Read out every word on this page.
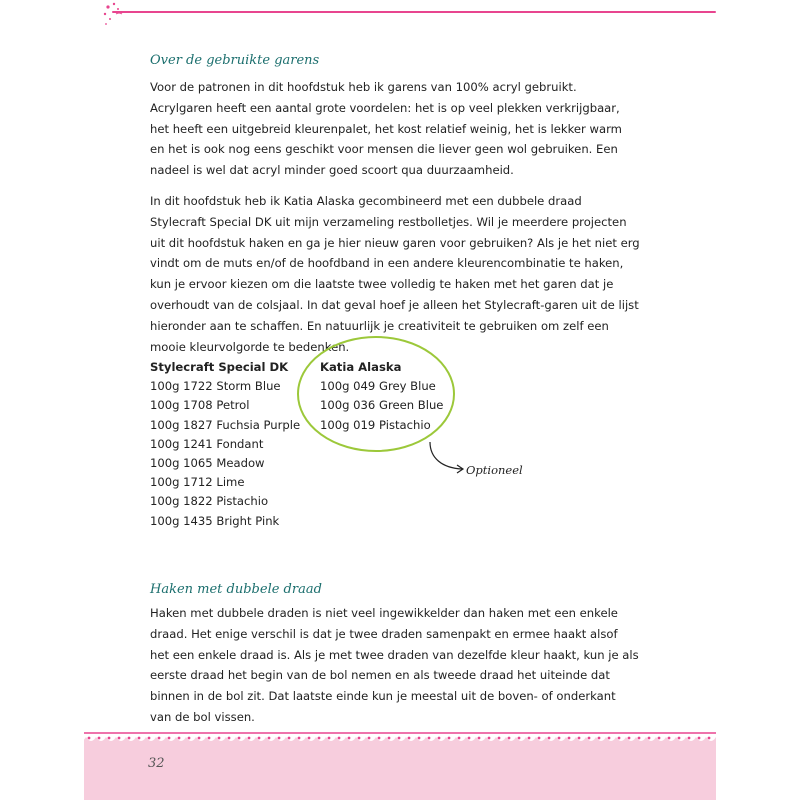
Over de gebruikte garens
Voor de patronen in dit hoofdstuk heb ik garens van 100% acryl gebruikt. Acrylgaren heeft een aantal grote voordelen: het is op veel plekken verkrijgbaar, het heeft een uitgebreid kleurenpalet, het kost relatief weinig, het is lekker warm en het is ook nog eens geschikt voor mensen die liever geen wol gebruiken. Een nadeel is wel dat acryl minder goed scoort qua duurzaamheid.
In dit hoofdstuk heb ik Katia Alaska gecombineerd met een dubbele draad Stylecraft Special DK uit mijn verzameling restbolletjes. Wil je meerdere projecten uit dit hoofdstuk haken en ga je hier nieuw garen voor gebruiken? Als je het niet erg vindt om de muts en/of de hoofdband in een andere kleurencombinatie te haken, kun je ervoor kiezen om die laatste twee volledig te haken met het garen dat je overhoudt van de colsjaal. In dat geval hoef je alleen het Stylecraft-garen uit de lijst hieronder aan te schaffen. En natuurlijk je creativiteit te gebruiken om zelf een mooie kleurvolgorde te bedenken.
Stylecraft Special DK
100g 1722 Storm Blue
100g 1708 Petrol
100g 1827 Fuchsia Purple
100g 1241 Fondant
100g 1065 Meadow
100g 1712 Lime
100g 1822 Pistachio
100g 1435 Bright Pink
Katia Alaska
100g 049 Grey Blue
100g 036 Green Blue
100g 019 Pistachio
Optioneel
Haken met dubbele draad
Haken met dubbele draden is niet veel ingewikkelder dan haken met een enkele draad. Het enige verschil is dat je twee draden samenpakt en ermee haakt alsof het een enkele draad is. Als je met twee draden van dezelfde kleur haakt, kun je als eerste draad het begin van de bol nemen en als tweede draad het uiteinde dat binnen in de bol zit. Dat laatste einde kun je meestal uit de boven- of onderkant van de bol vissen.
32
